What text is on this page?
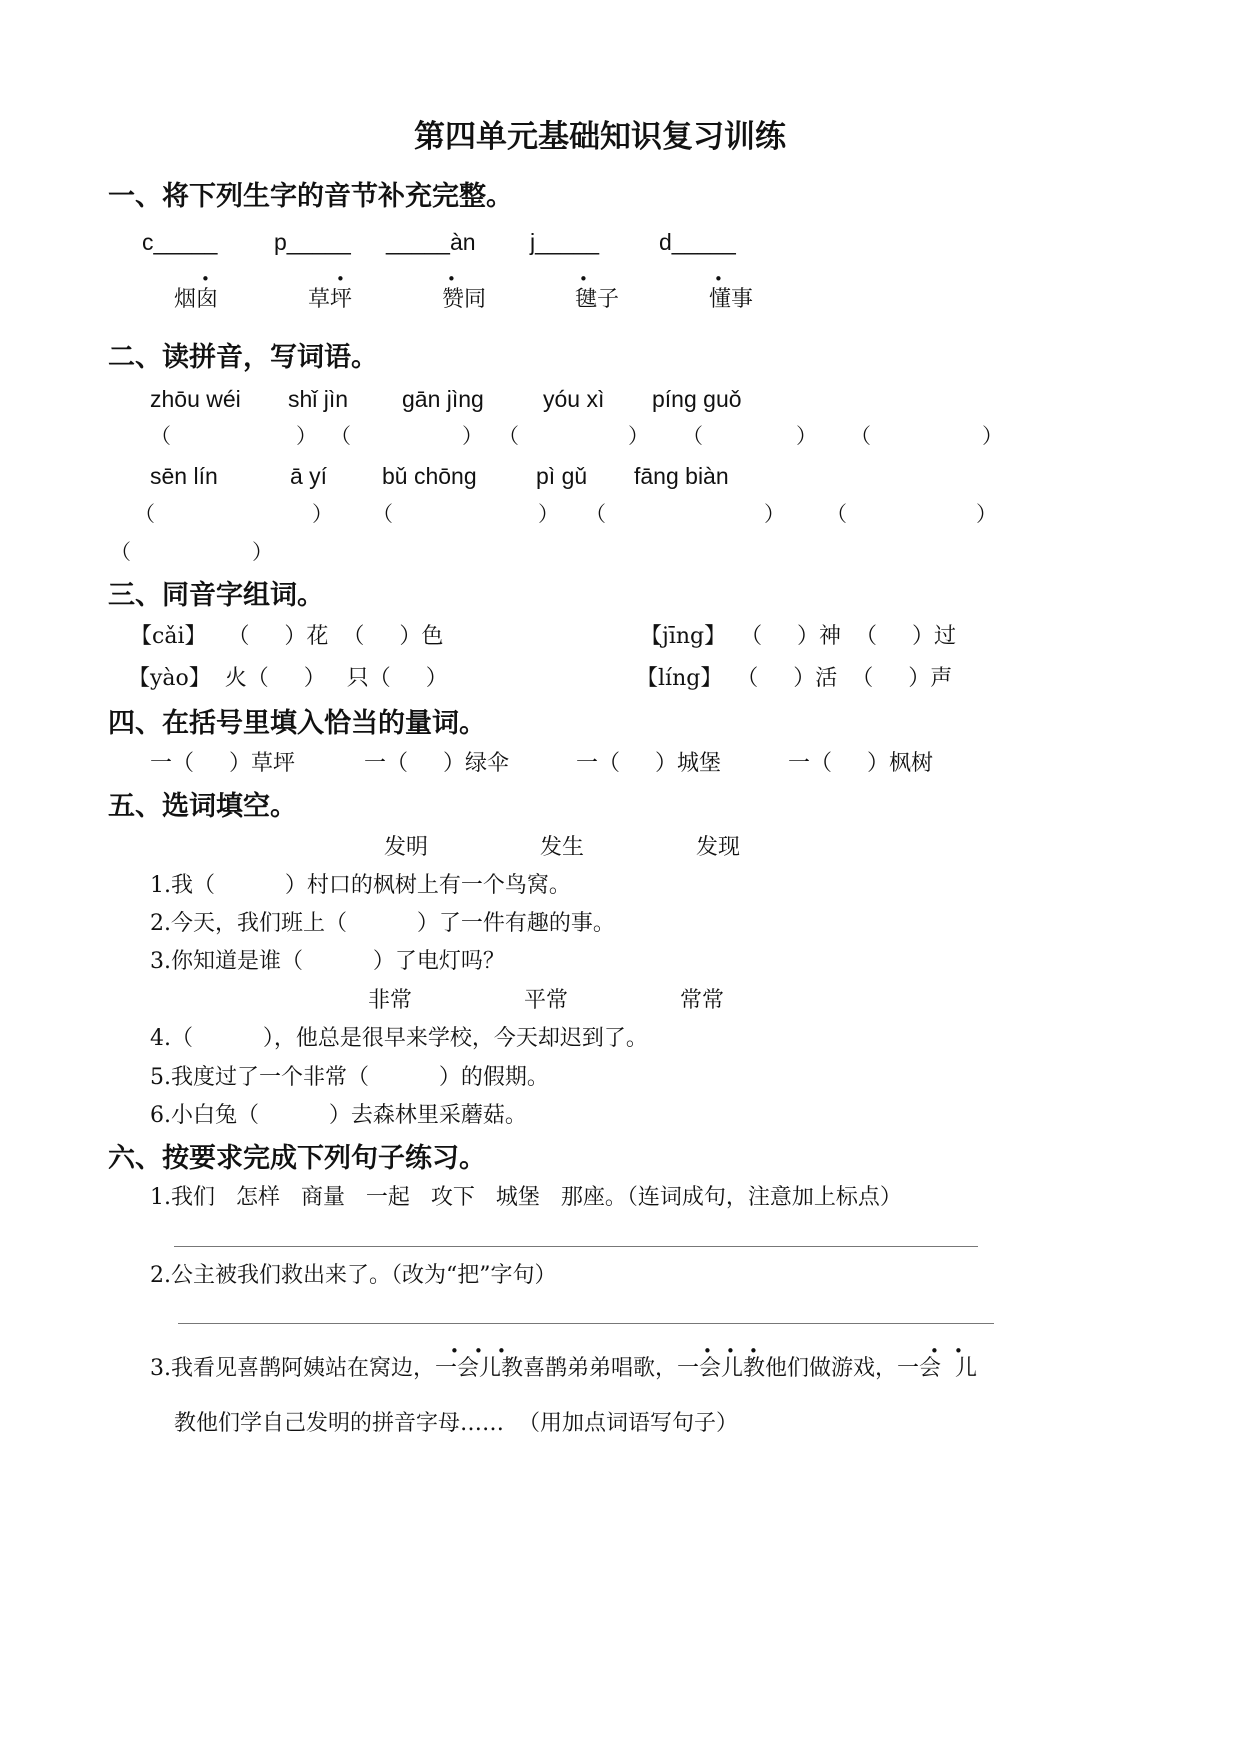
第四单元基础知识复习训练
一、将下列生字的音节补充完整。
c_____ p_____ _____àn j_____	d_____
•	•	•	•	•
烟囱	草坪	赞同	毽子	懂事
二、读拼音，写词语。
zhōu wéi shǐ jìn gān jìng	yóu xì píng guǒ
（	） （	） （	） （	） （	）
sēn lín	ā yí bǔ chōng	pì gǔ fāng biàn
（	） （	） （	） （	）
（	）
三、同音字组词。
【cǎi】   （     ）花  （     ）色	【jīng】  （     ）神  （     ）过
【yào】  火（     ）   只（     ）	【líng】  （     ）活  （     ）声
四、在括号里填入恰当的量词。
一（     ）草坪	一（     ）绿伞	一（     ）城堡	一（     ）枫树
五、选词填空。
发明	发生	发现
1.我（          ）村口的枫树上有一个鸟窝。
2.今天，我们班上（          ）了一件有趣的事。
3.你知道是谁（          ）了电灯吗？
非常	平常	常常
4.（          ），他总是很早来学校，今天却迟到了。
5.我度过了一个非常（          ）的假期。
6.小白兔（          ）去森林里采蘑菇。
六、按要求完成下列句子练习。
1.我们   怎样   商量   一起   攻下   城堡   那座。（连词成句，注意加上标点）
2.公主被我们救出来了。（改为“把”字句）
• • •	• • •	• •
3.我看见喜鹊阿姨站在窝边，一会儿教喜鹊弟弟唱歌，一会儿教他们做游戏，一会  儿
教他们学自己发明的拼音字母……  （用加点词语写句子）
